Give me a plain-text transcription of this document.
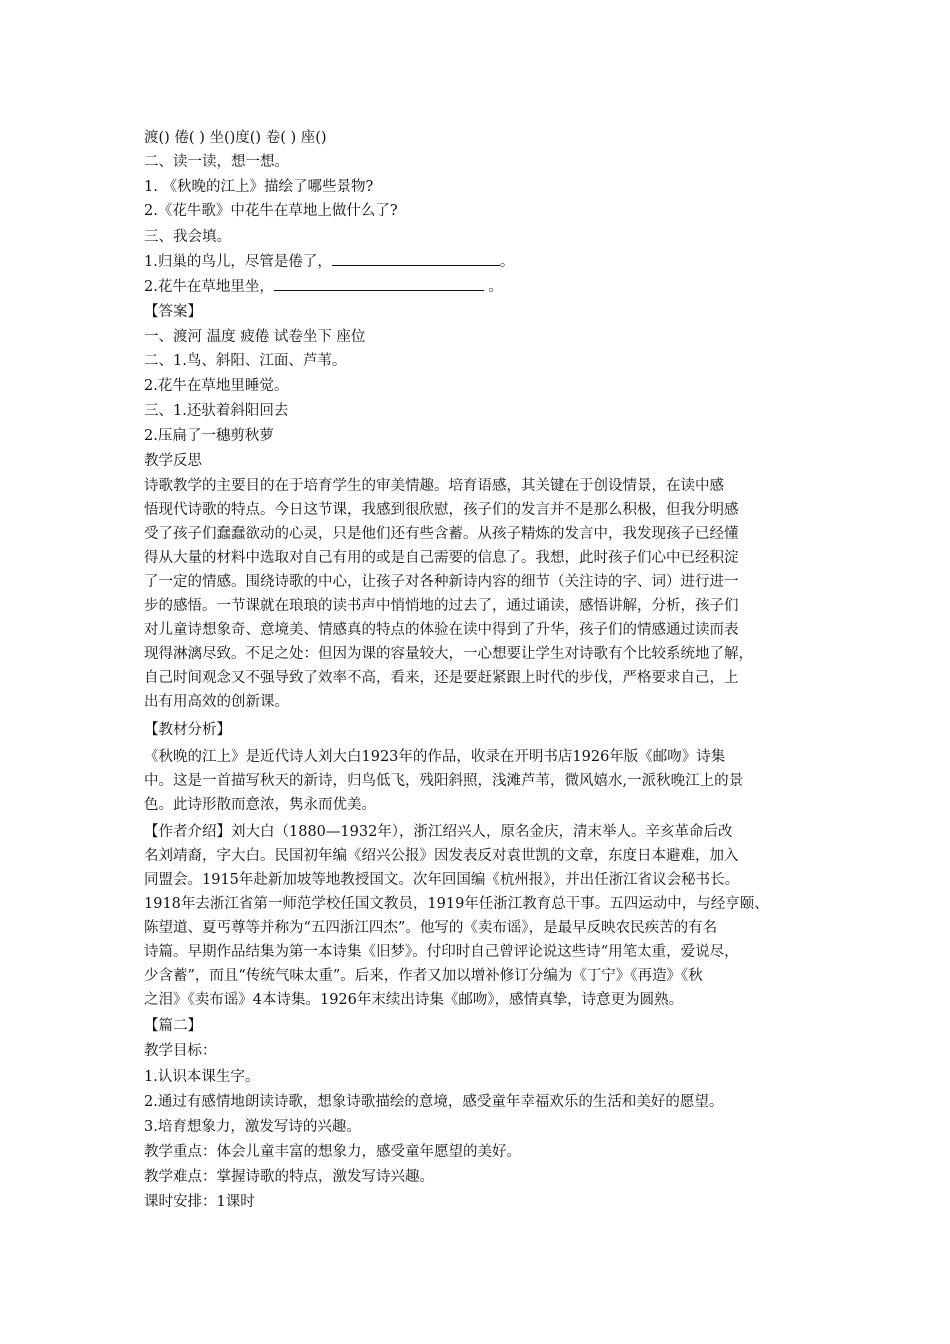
渡() 倦( ) 坐()度() 卷( ) 座()
二、读一读，想一想。
1. 《秋晚的江上》描绘了哪些景物?
2.《花牛歌》中花牛在草地上做什么了?
三、我会填。
1.归巢的鸟儿，尽管是倦了，	。
2.花牛在草地里坐，	。
【答案】
一、渡河 温度 疲倦 试卷坐下 座位
二、1.鸟、斜阳、江面、芦苇。
2.花牛在草地里睡觉。
三、1.还驮着斜阳回去
2.压扁了一穗剪秋萝
教学反思
诗歌教学的主要目的在于培育学生的审美情趣。培育语感，其关键在于创设情景，在读中感
悟现代诗歌的特点。今日这节课，我感到很欣慰，孩子们的发言并不是那么积极，但我分明感
受了孩子们蠢蠢欲动的心灵，只是他们还有些含蓄。从孩子精炼的发言中，我发现孩子已经懂
得从大量的材料中选取对自己有用的或是自己需要的信息了。我想，此时孩子们心中已经积淀
了一定的情感。围绕诗歌的中心，让孩子对各种新诗内容的细节（关注诗的字、词）进行进一
步的感悟。一节课就在琅琅的读书声中悄悄地的过去了，通过诵读，感悟讲解，分析，孩子们
对儿童诗想象奇、意境美、情感真的特点的体验在读中得到了升华，孩子们的情感通过读而表
现得淋漓尽致。不足之处：但因为课的容量较大，一心想要让学生对诗歌有个比较系统地了解，
自己时间观念又不强导致了效率不高，看来，还是要赶紧跟上时代的步伐，严格要求自己，上
出有用高效的创新课。
【教材分析】
《秋晚的江上》是近代诗人刘大白1923年的作品，收录在开明书店1926年版《邮吻》诗集
中。这是一首描写秋天的新诗，归鸟低飞，残阳斜照，浅滩芦苇，微风嬉水,一派秋晚江上的景
色。此诗形散而意浓，隽永而优美。
【作者介绍】刘大白（1880—1932年），浙江绍兴人，原名金庆，清末举人。辛亥革命后改
名刘靖裔，字大白。民国初年编《绍兴公报》因发表反对袁世凯的文章，东度日本避难，加入
同盟会。1915年赴新加坡等地教授国文。次年回国编《杭州报》，并出任浙江省议会秘书长。
1918年去浙江省第一师范学校任国文教员，1919年任浙江教育总干事。五四运动中，与经亨颐、
陈望道、夏丐尊等并称为“五四浙江四杰”。他写的《卖布谣》，是最早反映农民疾苦的有名
诗篇。早期作品结集为第一本诗集《旧梦》。付印时自己曾评论说这些诗“用笔太重，爱说尽，
少含蓄”，而且“传统气味太重”。后来，作者又加以增补修订分编为《丁宁》《再造》《秋
之泪》《卖布谣》4本诗集。1926年末续出诗集《邮吻》，感情真挚，诗意更为圆熟。
【篇二】
教学目标：
1.认识本课生字。
2.通过有感情地朗读诗歌，想象诗歌描绘的意境，感受童年幸福欢乐的生活和美好的愿望。
3.培育想象力，激发写诗的兴趣。
教学重点：体会儿童丰富的想象力，感受童年愿望的美好。
教学难点：掌握诗歌的特点，激发写诗兴趣。
课时安排：1课时
